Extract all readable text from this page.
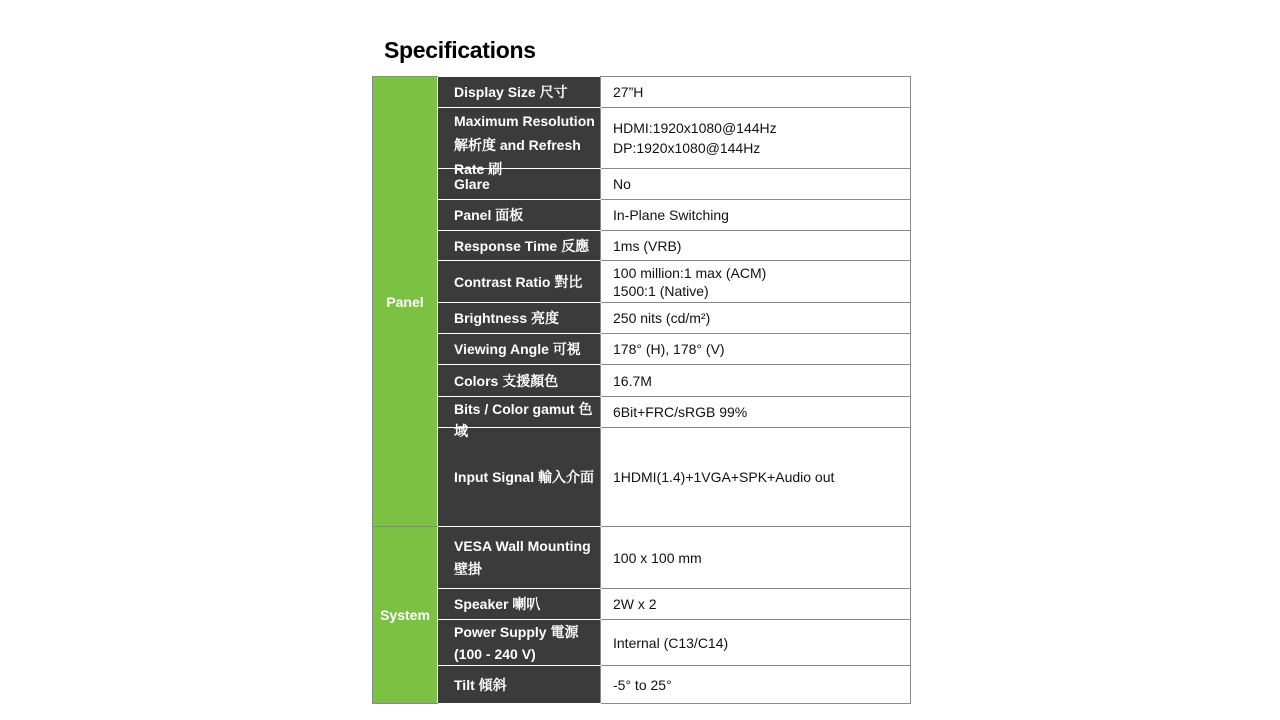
Specifications
Panel	Display Size 尺寸	27”H

	Maximum Resolution 解析度 and Refresh Rate 刷	HDMI:1920x1080@144Hz
DP:1920x1080@144Hz

	Glare	No

	Panel 面板	In-Plane Switching

	Response Time 反應	1ms (VRB)

	Contrast Ratio 對比	100 million:1 max (ACM)
1500:1 (Native)

	Brightness 亮度	250 nits (cd/m²)

	Viewing Angle 可視	178° (H), 178° (V)

	Colors 支援顏色	16.7M

	Bits / Color gamut 色域	6Bit+FRC/sRGB 99%

	Input Signal 輸入介面	1HDMI(1.4)+1VGA+SPK+Audio out

System	VESA Wall Mounting 壁掛	100 x 100 mm

	Speaker 喇叭	2W x 2

	Power Supply 電源 (100 - 240 V)	Internal (C13/C14)

	Tilt 傾斜	-5° to 25°
